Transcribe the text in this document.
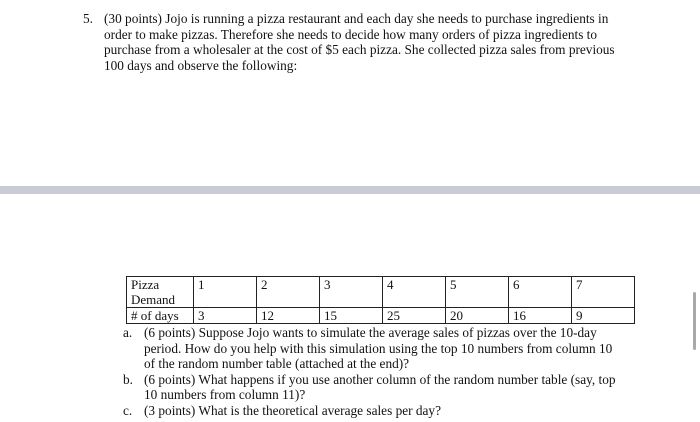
5. (30 points) Jojo is running a pizza restaurant and each day she needs to purchase ingredients in order to make pizzas. Therefore she needs to decide how many orders of pizza ingredients to purchase from a wholesaler at the cost of $5 each pizza. She collected pizza sales from previous 100 days and observe the following:
Pizza Demand	1	2	3	4	5	6	7
# of days	3	12	15	25	20	16	9
a. (6 points) Suppose Jojo wants to simulate the average sales of pizzas over the 10-day period. How do you help with this simulation using the top 10 numbers from column 10 of the random number table (attached at the end)?
b. (6 points) What happens if you use another column of the random number table (say, top 10 numbers from column 11)?
c. (3 points) What is the theoretical average sales per day?
